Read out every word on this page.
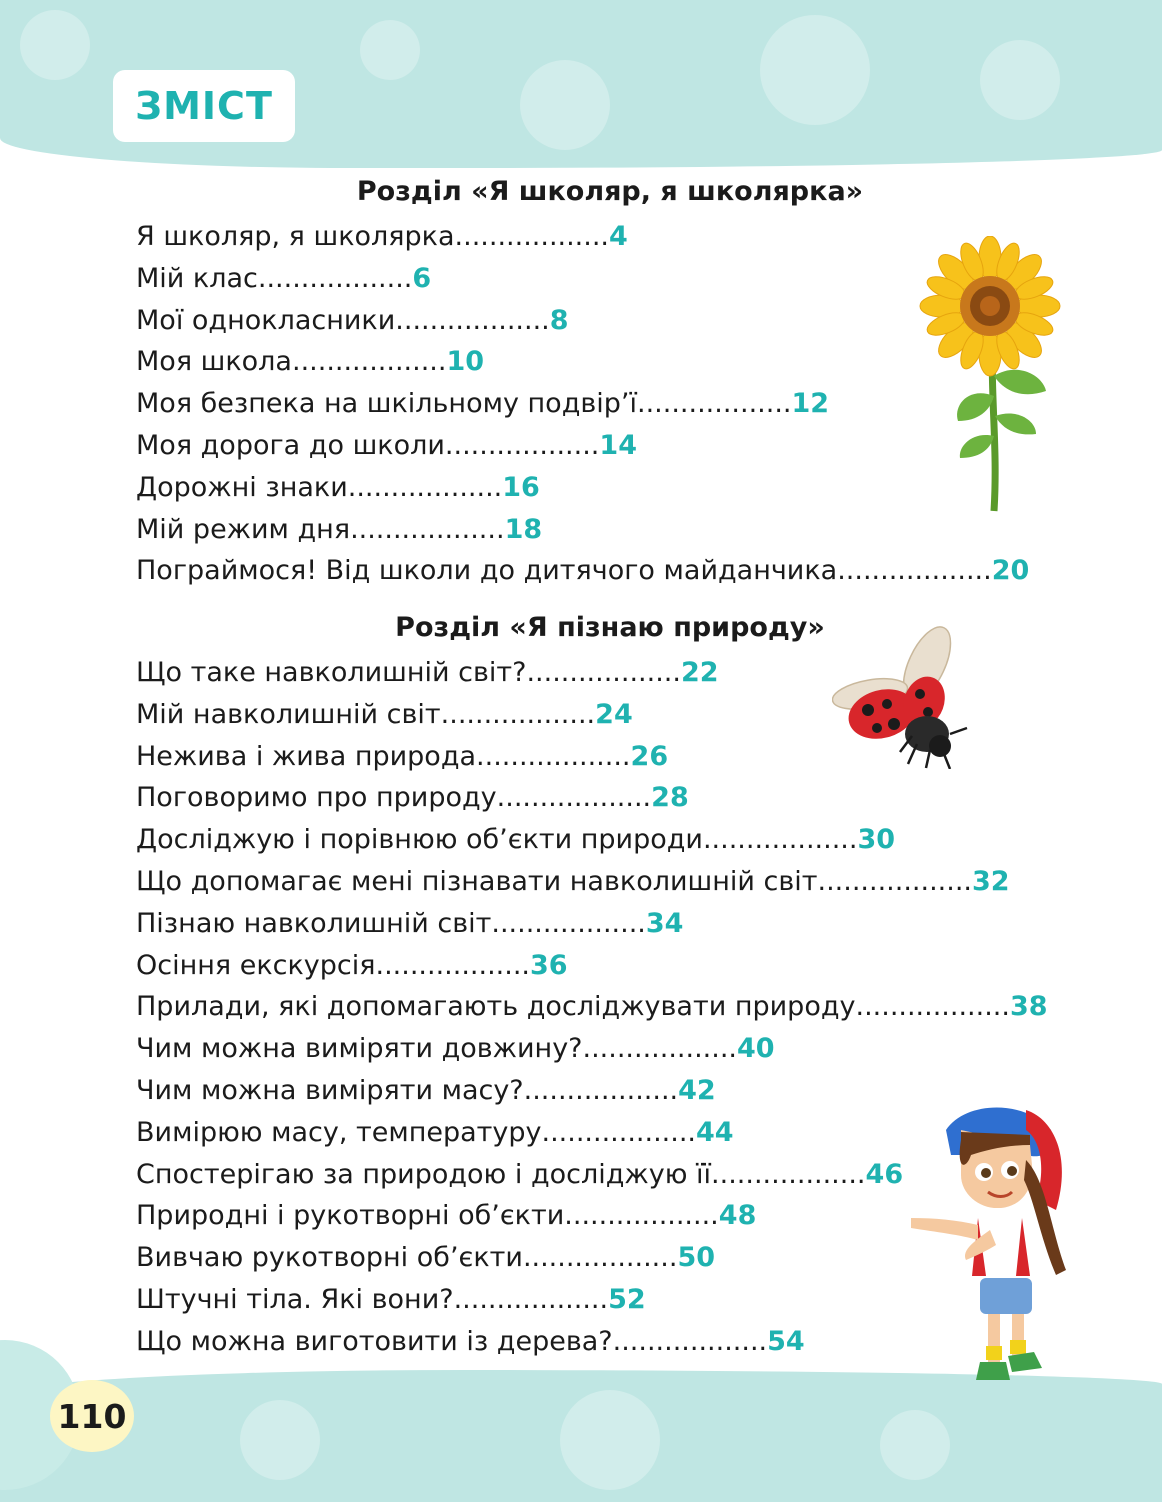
ЗМІСТ
Розділ «Я школяр, я школярка»
Я школяр, я школярка..................4
Мій клас..................6
Мої однокласники..................8
Моя школа..................10
Моя безпека на шкільному подвір’ї..................12
Моя дорога до школи..................14
Дорожні знаки..................16
Мій режим дня..................18
Пограймося! Від школи до дитячого майданчика..................20
Розділ «Я пізнаю природу»
Що таке навколишній світ?..................22
Мій навколишній світ..................24
Нежива і жива природа..................26
Поговоримо про природу..................28
Досліджую і порівнюю об’єкти природи..................30
Що допомагає мені пізнавати навколишній світ..................32
Пізнаю навколишній світ..................34
Осіння екскурсія..................36
Прилади, які допомагають досліджувати природу..................38
Чим можна виміряти довжину?..................40
Чим можна виміряти масу?..................42
Вимірюю масу, температуру..................44
Спостерігаю за природою і досліджую її..................46
Природні і рукотворні об’єкти..................48
Вивчаю рукотворні об’єкти..................50
Штучні тіла. Які вони?..................52
Що можна виготовити із дерева?..................54
110
